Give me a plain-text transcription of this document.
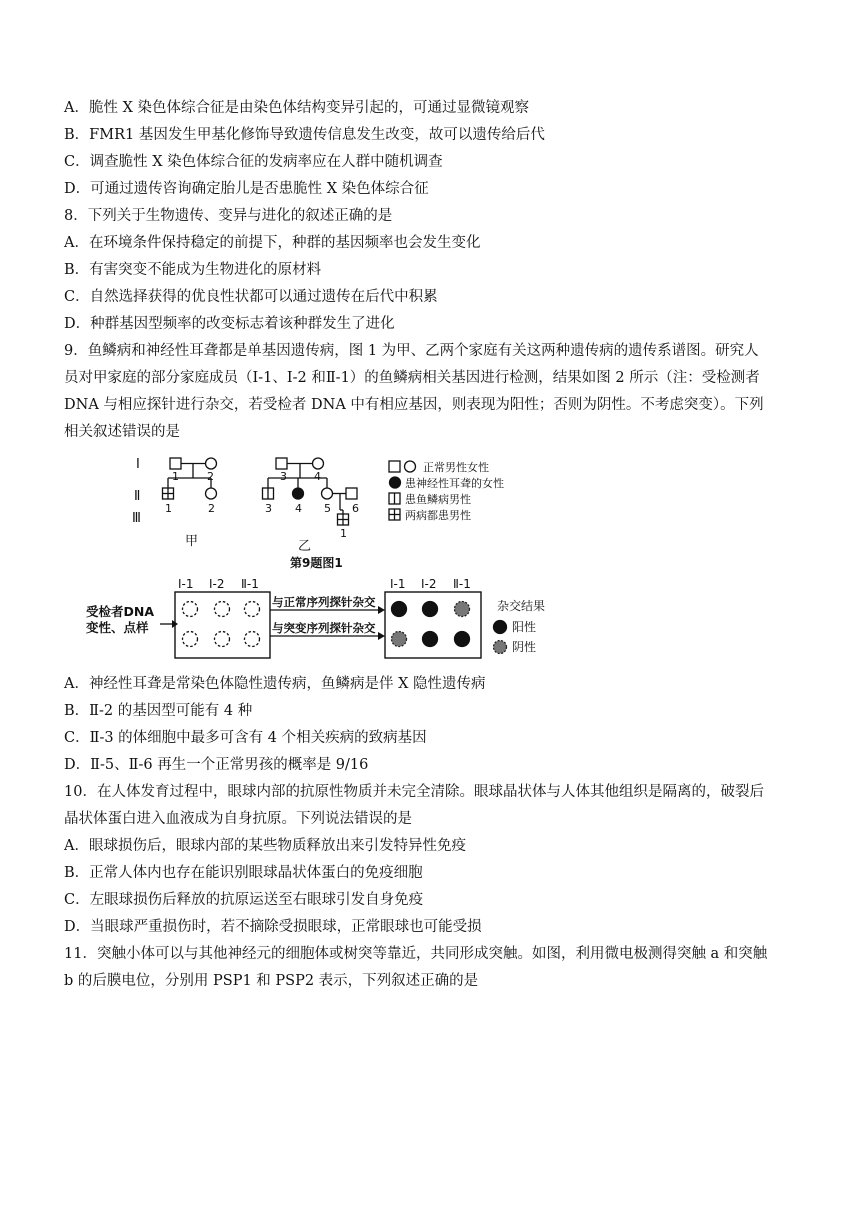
A．脆性 X 染色体综合征是由染色体结构变异引起的，可通过显微镜观察
B．FMR1 基因发生甲基化修饰导致遗传信息发生改变，故可以遗传给后代
C．调查脆性 X 染色体综合征的发病率应在人群中随机调查
D．可通过遗传咨询确定胎儿是否患脆性 X 染色体综合征
8．下列关于生物遗传、变异与进化的叙述正确的是
A．在环境条件保持稳定的前提下，种群的基因频率也会发生变化
B．有害突变不能成为生物进化的原材料
C．自然选择获得的优良性状都可以通过遗传在后代中积累
D．种群基因型频率的改变标志着该种群发生了进化
9．鱼鳞病和神经性耳聋都是单基因遗传病，图 1 为甲、乙两个家庭有关这两种遗传病的遗传系谱图。研究人
员对甲家庭的部分家庭成员（I-1、I-2 和Ⅱ-1）的鱼鳞病相关基因进行检测，结果如图 2 所示（注：受检测者
DNA 与相应探针进行杂交，若受检者 DNA 中有相应基因，则表现为阳性；否则为阴性。不考虑突变）。下列
相关叙述错误的是
A．神经性耳聋是常染色体隐性遗传病，鱼鳞病是伴 X 隐性遗传病
B．Ⅱ-2 的基因型可能有 4 种
C．Ⅱ-3 的体细胞中最多可含有 4 个相关疾病的致病基因
D．Ⅱ-5、Ⅱ-6 再生一个正常男孩的概率是 9/16
10．在人体发育过程中，眼球内部的抗原性物质并未完全清除。眼球晶状体与人体其他组织是隔离的，破裂后
晶状体蛋白进入血液成为自身抗原。下列说法错误的是
A．眼球损伤后，眼球内部的某些物质释放出来引发特异性免疫
B．正常人体内也存在能识别眼球晶状体蛋白的免疫细胞
C．左眼球损伤后释放的抗原运送至右眼球引发自身免疫
D．当眼球严重损伤时，若不摘除受损眼球，正常眼球也可能受损
11．突触小体可以与其他神经元的细胞体或树突等靠近，共同形成突触。如图，利用微电极测得突触 a 和突触
b 的后膜电位，分别用 PSP1 和 PSP2 表示，下列叙述正确的是
Ⅰ
Ⅱ
Ⅲ
1	2
1	2
甲
3 4
3 4 5 6
1
乙
第9题图1
正常男性女性
患神经性耳聋的女性
患鱼鳞病男性
两病都患男性
Ⅰ-1 Ⅰ-2 Ⅱ-1
受检者DNA
变性、点样
与正常序列探针杂交
与突变序列探针杂交
Ⅰ-1 Ⅰ-2 Ⅱ-1
杂交结果
阳性
阴性
